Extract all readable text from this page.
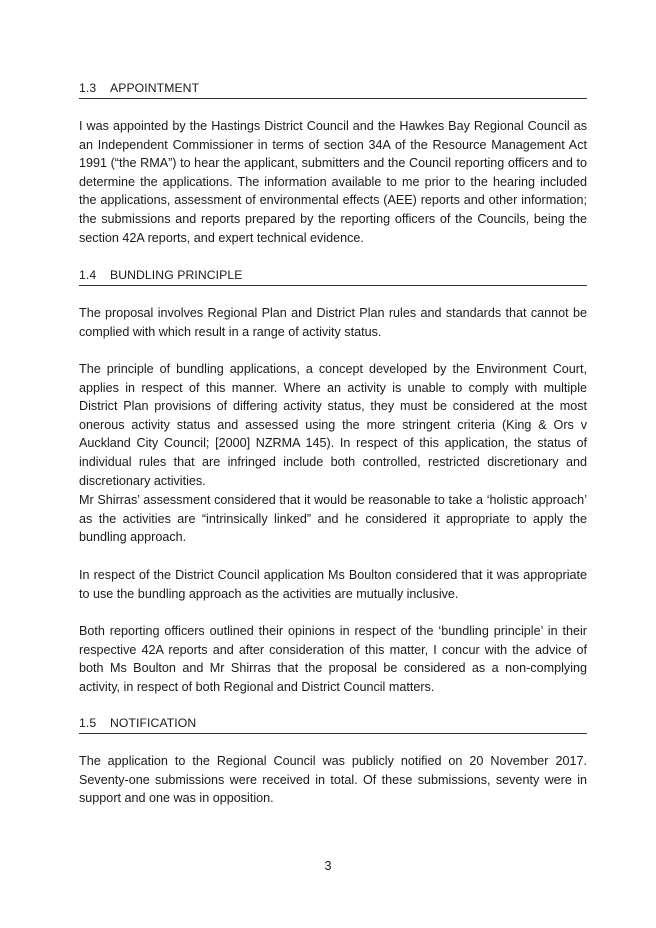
1.3 APPOINTMENT

I was appointed by the Hastings District Council and the Hawkes Bay Regional Council as an Independent Commissioner in terms of section 34A of the Resource Management Act 1991 (“the RMA”) to hear the applicant, submitters and the Council reporting officers and to determine the applications. The information available to me prior to the hearing included the applications, assessment of environmental effects (AEE) reports and other information; the submissions and reports prepared by the reporting officers of the Councils, being the section 42A reports, and expert technical evidence.

1.4 BUNDLING PRINCIPLE

The proposal involves Regional Plan and District Plan rules and standards that cannot be complied with which result in a range of activity status.

The principle of bundling applications, a concept developed by the Environment Court, applies in respect of this manner. Where an activity is unable to comply with multiple District Plan provisions of differing activity status, they must be considered at the most onerous activity status and assessed using the more stringent criteria (King & Ors v Auckland City Council; [2000] NZRMA 145). In respect of this application, the status of individual rules that are infringed include both controlled, restricted discretionary and discretionary activities.

Mr Shirras’ assessment considered that it would be reasonable to take a ‘holistic approach’ as the activities are “intrinsically linked” and he considered it appropriate to apply the bundling approach.

In respect of the District Council application Ms Boulton considered that it was appropriate to use the bundling approach as the activities are mutually inclusive.

Both reporting officers outlined their opinions in respect of the ‘bundling principle’ in their respective 42A reports and after consideration of this matter, I concur with the advice of both Ms Boulton and Mr Shirras that the proposal be considered as a non-complying activity, in respect of both Regional and District Council matters.

1.5 NOTIFICATION

The application to the Regional Council was publicly notified on 20 November 2017. Seventy-one submissions were received in total. Of these submissions, seventy were in support and one was in opposition.

3
